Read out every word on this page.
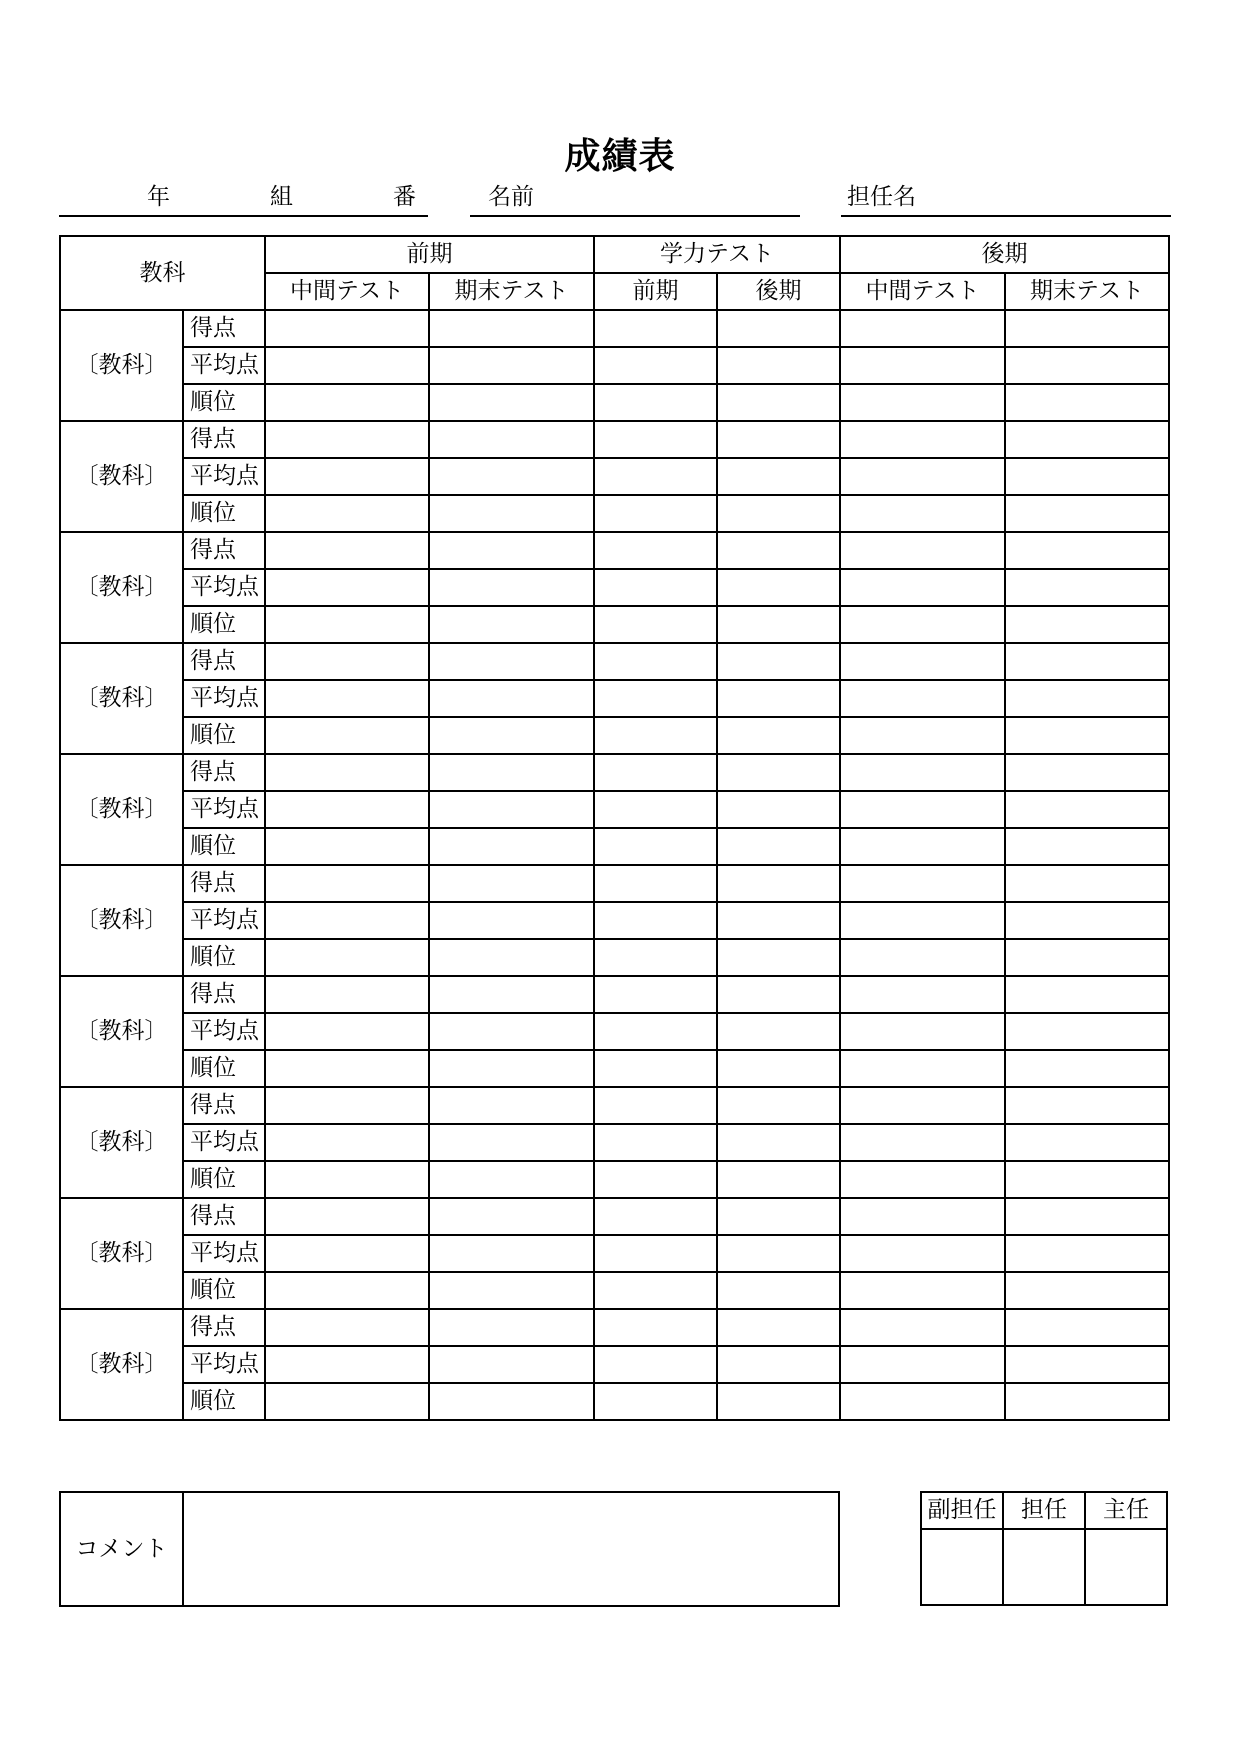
成績表
年	組	番	名前	担任名
教科		前期		学力テスト		後期	
		中間テスト	期末テスト	前期	後期	中間テスト	期末テスト
〔教科〕	得点						
	平均点						
	順位						
〔教科〕	得点						
	平均点						
	順位						
〔教科〕	得点						
	平均点						
	順位						
〔教科〕	得点						
	平均点						
	順位						
〔教科〕	得点						
	平均点						
	順位						
〔教科〕	得点						
	平均点						
	順位						
〔教科〕	得点						
	平均点						
	順位						
〔教科〕	得点						
	平均点						
	順位						
〔教科〕	得点						
	平均点						
	順位						
〔教科〕	得点						
	平均点						
	順位						
コメント	
副担任	担任	主任
